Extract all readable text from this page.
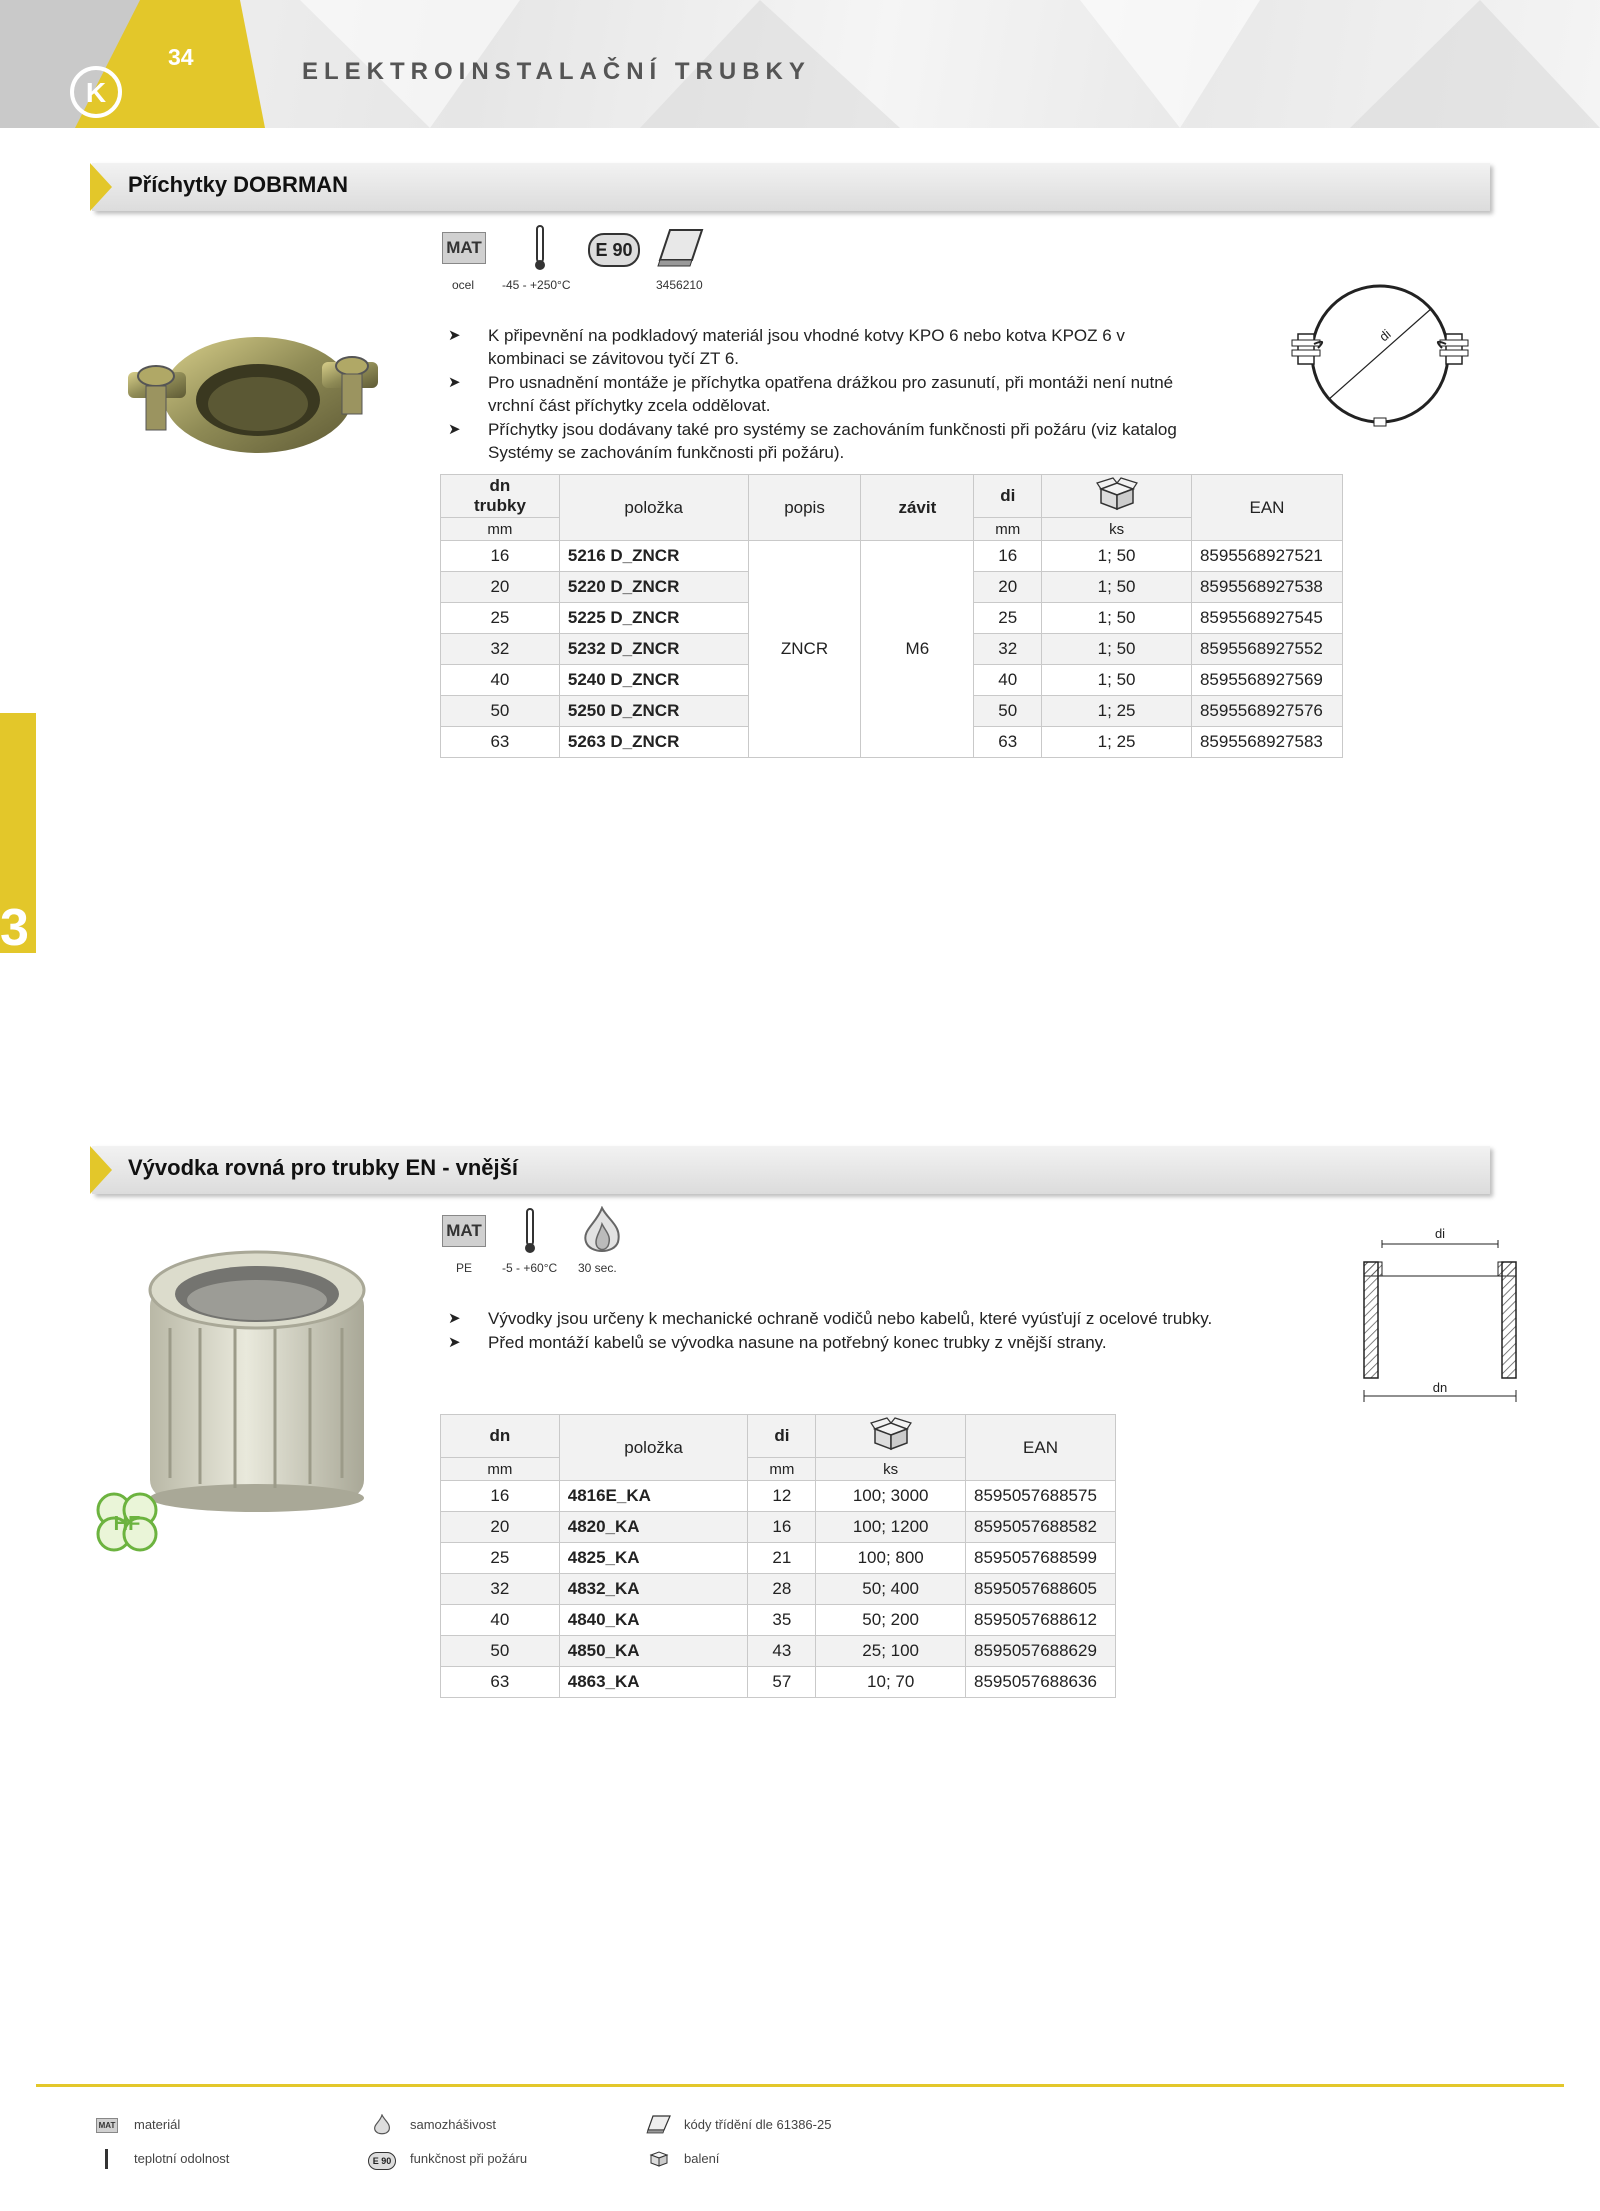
K
34
ELEKTROINSTALAČNÍ TRUBKY
3
Příchytky DOBRMAN
MAT	E 90
ocel -45 - +250°C	3456210
➤ K připevnění na podkladový materiál jsou vhodné kotvy KPO 6 nebo kotva KPOZ 6 v
kombinaci se závitovou tyčí ZT 6.
➤ Pro usnadnění montáže je příchytka opatřena drážkou pro zasunutí, při montáži není nutné
vrchní část příchytky zcela oddělovat.
➤ Příchytky jsou dodávany také pro systémy se zachováním funkčnosti při požáru (viz katalog
Systémy se zachováním funkčnosti při požáru).
di
dn
trubky	položka	popis	závit	di		EAN
mm				mm	ks	
16	5216 D_ZNCR	ZNCR	M6	16	1; 50	8595568927521
20	5220 D_ZNCR			20	1; 50	8595568927538
25	5225 D_ZNCR			25	1; 50	8595568927545
32	5232 D_ZNCR			32	1; 50	8595568927552
40	5240 D_ZNCR			40	1; 50	8595568927569
50	5250 D_ZNCR			50	1; 25	8595568927576
63	5263 D_ZNCR			63	1; 25	8595568927583
Vývodka rovná pro trubky EN - vnější
MAT
PE -5 - +60°C 30 sec.
HF
➤ Vývodky jsou určeny k mechanické ochraně vodičů nebo kabelů, které vyúsťují z ocelové trubky.
➤ Před montáží kabelů se vývodka nasune na potřebný konec trubky z vnější strany.
di
dn
dn	položka	di		EAN
mm		mm	ks	
16	4816E_KA	12	100; 3000	8595057688575
20	4820_KA	16	100; 1200	8595057688582
25	4825_KA	21	100; 800	8595057688599
32	4832_KA	28	50; 400	8595057688605
40	4840_KA	35	50; 200	8595057688612
50	4850_KA	43	25; 100	8595057688629
63	4863_KA	57	10; 70	8595057688636
MAT materiál
teplotní odolnost
samozhášivost
E 90	funkčnost při požáru
kódy třídění dle 61386-25
balení
